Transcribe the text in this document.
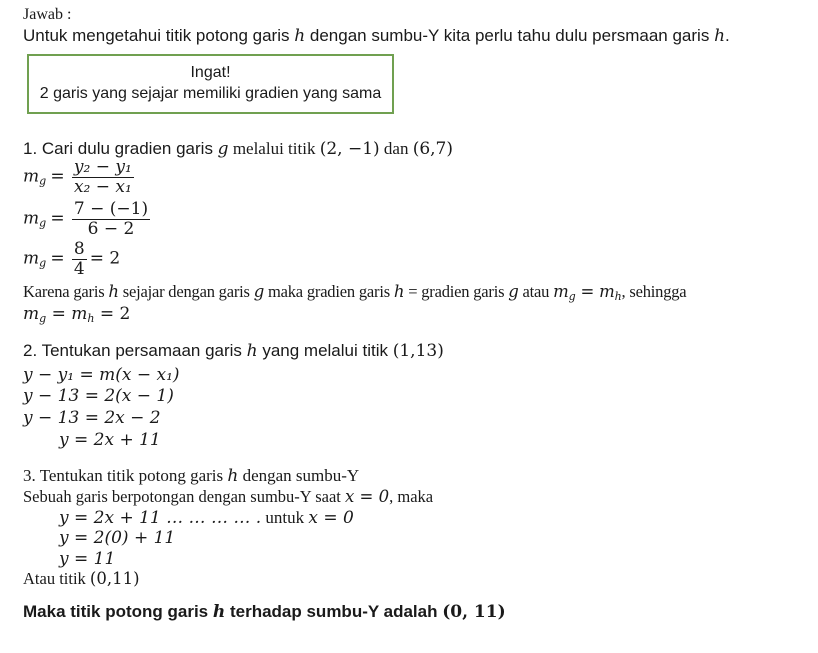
Jawab :
Untuk mengetahui titik potong garis h dengan sumbu-Y kita perlu tahu dulu persmaan garis h.
Ingat!
2 garis yang sejajar memiliki gradien yang sama
1. Cari dulu gradien garis g melalui titik (2, −1) dan (6,7)
$m_g = \frac{\text{y₂ − y₁}}{\text{x₂ − x₁}}$
$m_g = \frac{7 - (-1)}{6 - 2}$
$m_g = \frac{8}{4} = 2$
Karena garis h sejajar dengan garis g maka gradien garis h = gradien garis g atau $m_g = m_h$, sehingga
$m_g = m_h = 2$
2. Tentukan persamaan garis h yang melalui titik (1,13)
y − y₁ = m(x − x₁)
y − 13 = 2(x − 1)
y − 13 = 2x − 2
y = 2x + 11
3. Tentukan titik potong garis h dengan sumbu-Y
Sebuah garis berpotongan dengan sumbu-Y saat x = 0, maka
y = 2x + 11 … … … … . untuk x = 0
y = 2(0) + 11
y = 11
Atau titik (0,11)
Maka titik potong garis h terhadap sumbu-Y adalah (0, 11)
